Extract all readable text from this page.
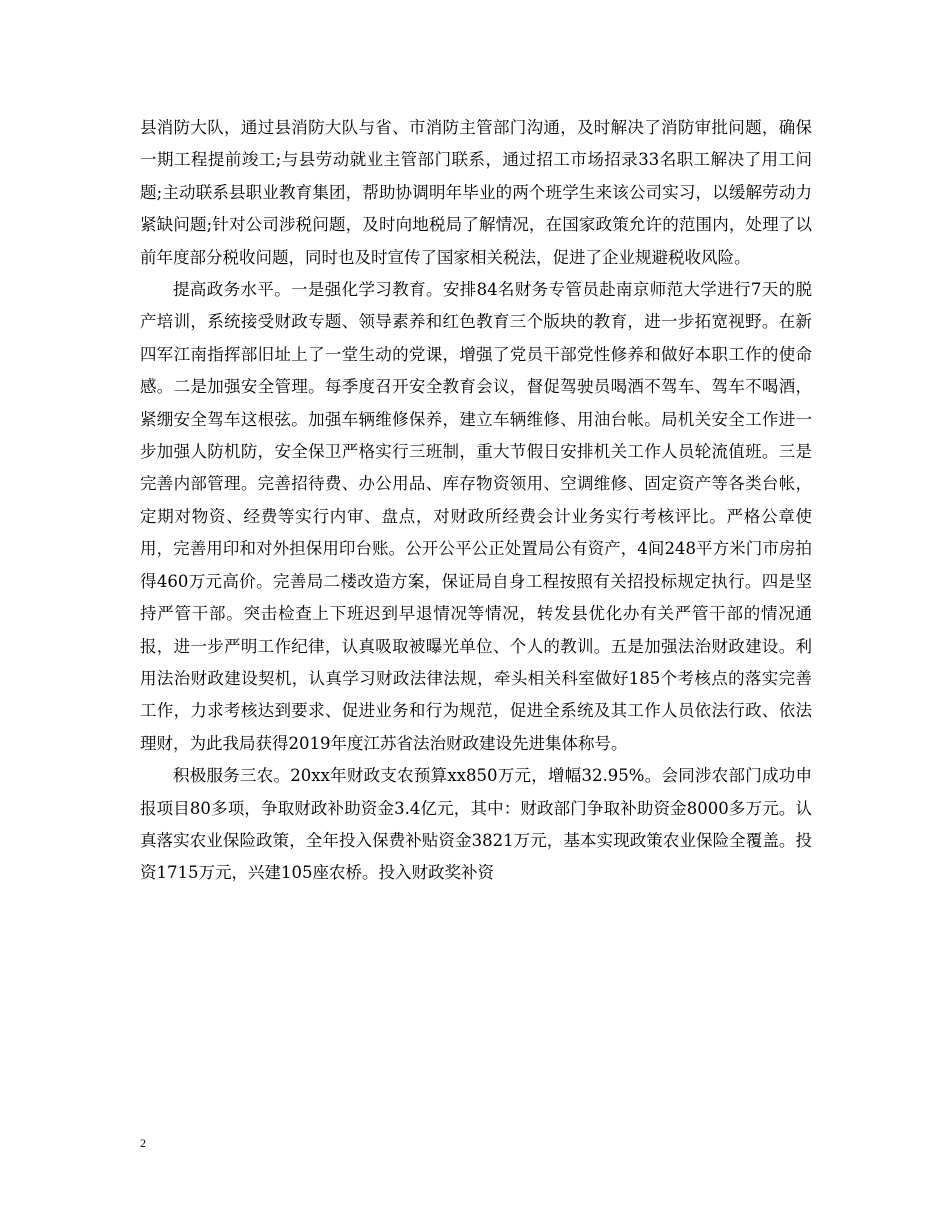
县消防大队，通过县消防大队与省、市消防主管部门沟通，及时解决了消防审批问题，确保一期工程提前竣工;与县劳动就业主管部门联系，通过招工市场招录33名职工解决了用工问题;主动联系县职业教育集团，帮助协调明年毕业的两个班学生来该公司实习，以缓解劳动力紧缺问题;针对公司涉税问题，及时向地税局了解情况，在国家政策允许的范围内，处理了以前年度部分税收问题，同时也及时宣传了国家相关税法，促进了企业规避税收风险。

提高政务水平。一是强化学习教育。安排84名财务专管员赴南京师范大学进行7天的脱产培训，系统接受财政专题、领导素养和红色教育三个版块的教育，进一步拓宽视野。在新四军江南指挥部旧址上了一堂生动的党课，增强了党员干部党性修养和做好本职工作的使命感。二是加强安全管理。每季度召开安全教育会议，督促驾驶员喝酒不驾车、驾车不喝酒，紧绷安全驾车这根弦。加强车辆维修保养，建立车辆维修、用油台帐。局机关安全工作进一步加强人防机防，安全保卫严格实行三班制，重大节假日安排机关工作人员轮流值班。三是完善内部管理。完善招待费、办公用品、库存物资领用、空调维修、固定资产等各类台帐，定期对物资、经费等实行内审、盘点，对财政所经费会计业务实行考核评比。严格公章使用，完善用印和对外担保用印台账。公开公平公正处置局公有资产，4间248平方米门市房拍得460万元高价。完善局二楼改造方案，保证局自身工程按照有关招投标规定执行。四是坚持严管干部。突击检查上下班迟到早退情况等情况，转发县优化办有关严管干部的情况通报，进一步严明工作纪律，认真吸取被曝光单位、个人的教训。五是加强法治财政建设。利用法治财政建设契机，认真学习财政法律法规，牵头相关科室做好185个考核点的落实完善工作，力求考核达到要求、促进业务和行为规范，促进全系统及其工作人员依法行政、依法理财，为此我局获得2019年度江苏省法治财政建设先进集体称号。

积极服务三农。20xx年财政支农预算xx850万元，增幅32.95%。会同涉农部门成功申报项目80多项，争取财政补助资金3.4亿元，其中：财政部门争取补助资金8000多万元。认真落实农业保险政策，全年投入保费补贴资金3821万元，基本实现政策农业保险全覆盖。投资1715万元，兴建105座农桥。投入财政奖补资

2
